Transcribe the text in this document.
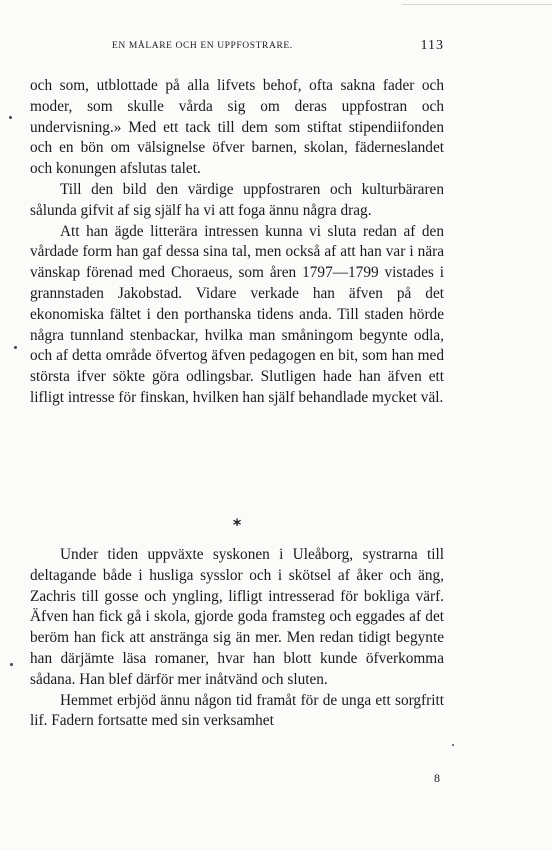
EN MÅLARE OCH EN UPPFOSTRARE.	113

och som, utblottade på alla lifvets behof, ofta sakna fader och moder, som skulle vårda sig om deras uppfostran och undervisning.» Med ett tack till dem som stiftat stipendiifonden och en bön om välsignelse öfver barnen, skolan, fäderneslandet och konungen afslutas talet.

Till den bild den värdige uppfostraren och kulturbäraren sålunda gifvit af sig själf ha vi att foga ännu några drag.

Att han ägde litterära intressen kunna vi sluta redan af den vårdade form han gaf dessa sina tal, men också af att han var i nära vänskap förenad med Choraeus, som åren 1797—1799 vistades i grannstaden Jakobstad. Vidare verkade han äfven på det ekonomiska fältet i den porthanska tidens anda. Till staden hörde några tunnland stenbackar, hvilka man småningom begynte odla, och af detta område öfvertog äfven pedagogen en bit, som han med största ifver sökte göra odlingsbar. Slutligen hade han äfven ett lifligt intresse för finskan, hvilken han själf behandlade mycket väl.

*

Under tiden uppväxte syskonen i Uleåborg, systrarna till deltagande både i husliga sysslor och i skötsel af åker och äng, Zachris till gosse och yngling, lifligt intresserad för bokliga värf. Äfven han fick gå i skola, gjorde goda framsteg och eggades af det beröm han fick att anstränga sig än mer. Men redan tidigt begynte han därjämte läsa romaner, hvar han blott kunde öfverkomma sådana. Han blef därför mer inåtvänd och sluten.

Hemmet erbjöd ännu någon tid framåt för de unga ett sorgfritt lif. Fadern fortsatte med sin verksamhet

8
